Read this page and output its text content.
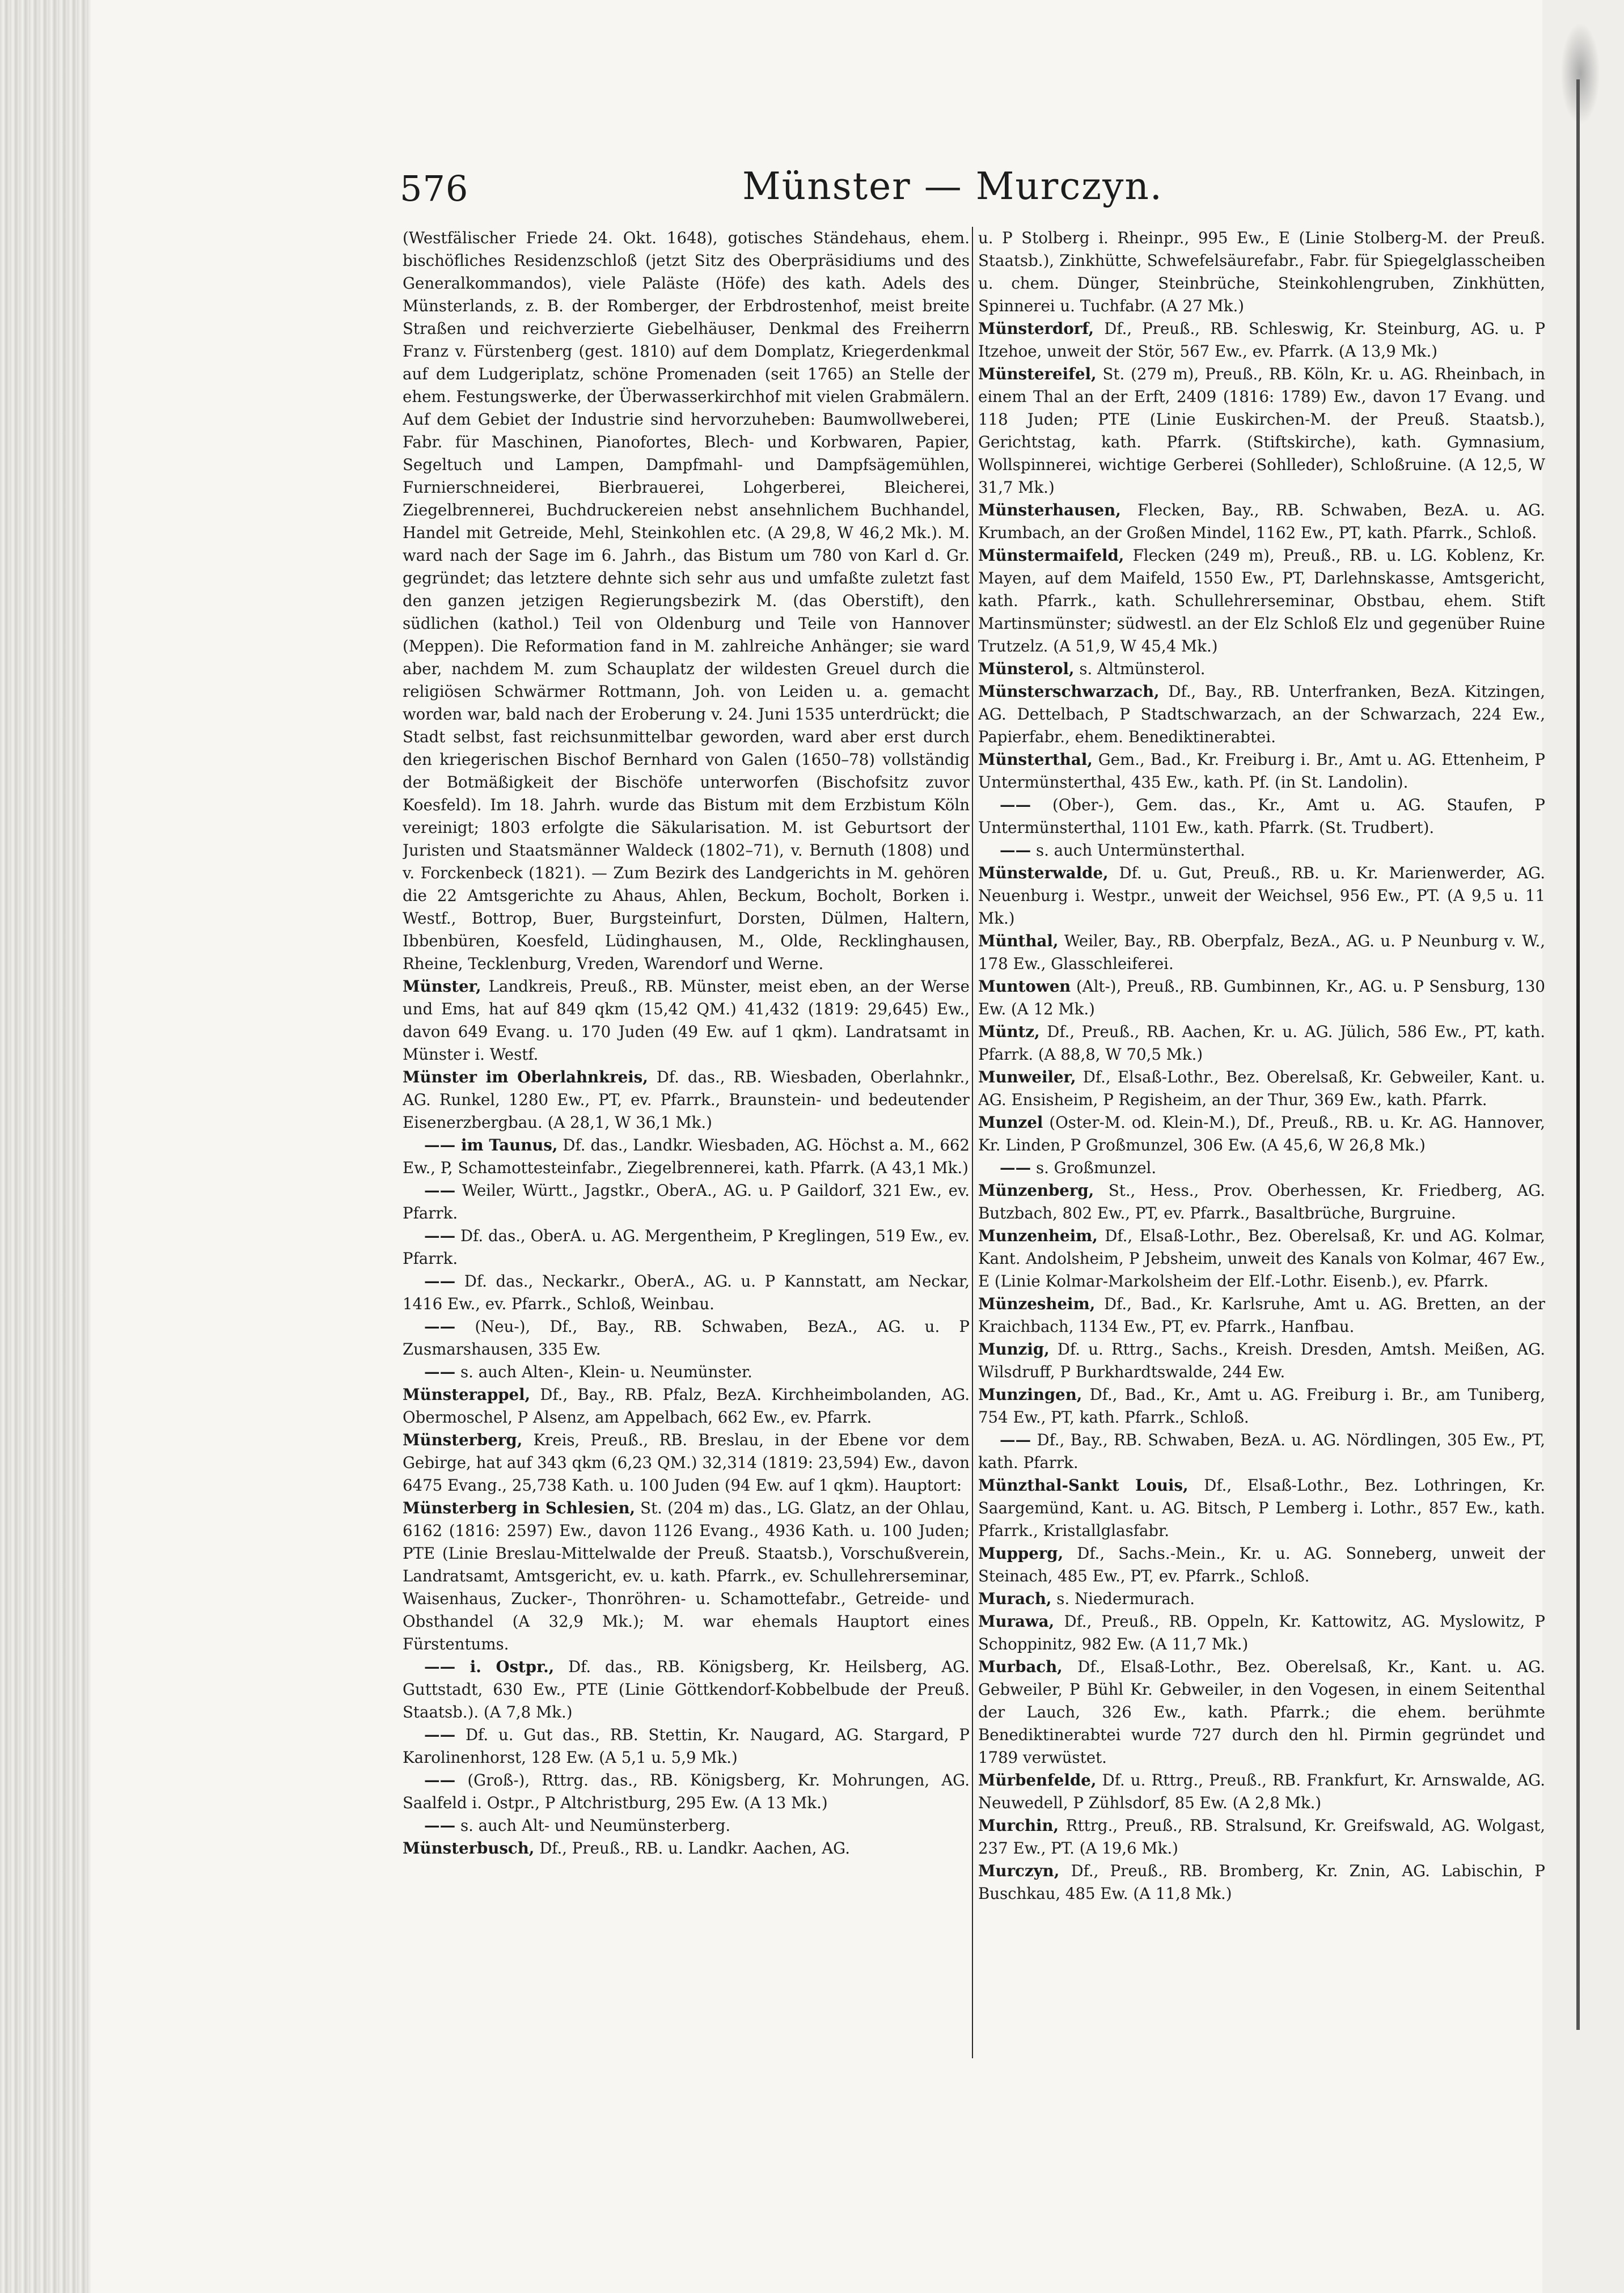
576	Münster — Murczyn.

(Westfälischer Friede 24. Okt. 1648), gotisches Ständehaus, ehem. bischöfliches Residenzschloß (jetzt Sitz des Oberpräsidiums und des Generalkommandos), viele Paläste (Höfe) des kath. Adels des Münsterlands, z. B. der Romberger, der Erbdrostenhof, meist breite Straßen und reichverzierte Giebelhäuser, Denkmal des Freiherrn Franz v. Fürstenberg (gest. 1810) auf dem Domplatz, Kriegerdenkmal auf dem Ludgeriplatz, schöne Promenaden (seit 1765) an Stelle der ehem. Festungswerke, der Überwasserkirchhof mit vielen Grabmälern. Auf dem Gebiet der Industrie sind hervorzuheben: Baumwollweberei, Fabr. für Maschinen, Pianofortes, Blech- und Korbwaren, Papier, Segeltuch und Lampen, Dampfmahl- und Dampfsägemühlen, Furnierschneiderei, Bierbrauerei, Lohgerberei, Bleicherei, Ziegelbrennerei, Buchdruckereien nebst ansehnlichem Buchhandel, Handel mit Getreide, Mehl, Steinkohlen etc. (A 29,8, W 46,2 Mk.). M. ward nach der Sage im 6. Jahrh., das Bistum um 780 von Karl d. Gr. gegründet; das letztere dehnte sich sehr aus und umfaßte zuletzt fast den ganzen jetzigen Regierungsbezirk M. (das Oberstift), den südlichen (kathol.) Teil von Oldenburg und Teile von Hannover (Meppen). Die Reformation fand in M. zahlreiche Anhänger; sie ward aber, nachdem M. zum Schauplatz der wildesten Greuel durch die religiösen Schwärmer Rottmann, Joh. von Leiden u. a. gemacht worden war, bald nach der Eroberung v. 24. Juni 1535 unterdrückt; die Stadt selbst, fast reichsunmittelbar geworden, ward aber erst durch den kriegerischen Bischof Bernhard von Galen (1650–78) vollständig der Botmäßigkeit der Bischöfe unterworfen (Bischofsitz zuvor Koesfeld). Im 18. Jahrh. wurde das Bistum mit dem Erzbistum Köln vereinigt; 1803 erfolgte die Säkularisation. M. ist Geburtsort der Juristen und Staatsmänner Waldeck (1802–71), v. Bernuth (1808) und v. Forckenbeck (1821). — Zum Bezirk des Landgerichts in M. gehören die 22 Amtsgerichte zu Ahaus, Ahlen, Beckum, Bocholt, Borken i. Westf., Bottrop, Buer, Burgsteinfurt, Dorsten, Dülmen, Haltern, Ibbenbüren, Koesfeld, Lüdinghausen, M., Olde, Recklinghausen, Rheine, Tecklenburg, Vreden, Warendorf und Werne.

Münster, Landkreis, Preuß., RB. Münster, meist eben, an der Werse und Ems, hat auf 849 qkm (15,42 QM.) 41,432 (1819: 29,645) Ew., davon 649 Evang. u. 170 Juden (49 Ew. auf 1 qkm). Landratsamt in Münster i. Westf.

Münster im Oberlahnkreis, Df. das., RB. Wiesbaden, Oberlahnkr., AG. Runkel, 1280 Ew., PT, ev. Pfarrk., Braunstein- und bedeutender Eisenerzbergbau. (A 28,1, W 36,1 Mk.)

—— im Taunus, Df. das., Landkr. Wiesbaden, AG. Höchst a. M., 662 Ew., P, Schamottesteinfabr., Ziegelbrennerei, kath. Pfarrk. (A 43,1 Mk.)

—— Weiler, Württ., Jagstkr., OberA., AG. u. P Gaildorf, 321 Ew., ev. Pfarrk.

—— Df. das., OberA. u. AG. Mergentheim, P Kreglingen, 519 Ew., ev. Pfarrk.

—— Df. das., Neckarkr., OberA., AG. u. P Kannstatt, am Neckar, 1416 Ew., ev. Pfarrk., Schloß, Weinbau.

—— (Neu-), Df., Bay., RB. Schwaben, BezA., AG. u. P Zusmarshausen, 335 Ew.

—— s. auch Alten-, Klein- u. Neumünster.

Münsterappel, Df., Bay., RB. Pfalz, BezA. Kirchheimbolanden, AG. Obermoschel, P Alsenz, am Appelbach, 662 Ew., ev. Pfarrk.

Münsterberg, Kreis, Preuß., RB. Breslau, in der Ebene vor dem Gebirge, hat auf 343 qkm (6,23 QM.) 32,314 (1819: 23,594) Ew., davon 6475 Evang., 25,738 Kath. u. 100 Juden (94 Ew. auf 1 qkm). Hauptort:

Münsterberg in Schlesien, St. (204 m) das., LG. Glatz, an der Ohlau, 6162 (1816: 2597) Ew., davon 1126 Evang., 4936 Kath. u. 100 Juden; PTE (Linie Breslau-Mittelwalde der Preuß. Staatsb.), Vorschußverein, Landratsamt, Amtsgericht, ev. u. kath. Pfarrk., ev. Schullehrerseminar, Waisenhaus, Zucker-, Thonröhren- u. Schamottefabr., Getreide- und Obsthandel (A 32,9 Mk.); M. war ehemals Hauptort eines Fürstentums.

—— i. Ostpr., Df. das., RB. Königsberg, Kr. Heilsberg, AG. Guttstadt, 630 Ew., PTE (Linie Göttkendorf-Kobbelbude der Preuß. Staatsb.). (A 7,8 Mk.)

—— Df. u. Gut das., RB. Stettin, Kr. Naugard, AG. Stargard, P Karolinenhorst, 128 Ew. (A 5,1 u. 5,9 Mk.)

—— (Groß-), Rttrg. das., RB. Königsberg, Kr. Mohrungen, AG. Saalfeld i. Ostpr., P Altchristburg, 295 Ew. (A 13 Mk.)

—— s. auch Alt- und Neumünsterberg.

Münsterbusch, Df., Preuß., RB. u. Landkr. Aachen, AG.

u. P Stolberg i. Rheinpr., 995 Ew., E (Linie Stolberg-M. der Preuß. Staatsb.), Zinkhütte, Schwefelsäurefabr., Fabr. für Spiegelglasscheiben u. chem. Dünger, Steinbrüche, Steinkohlengruben, Zinkhütten, Spinnerei u. Tuchfabr. (A 27 Mk.)

Münsterdorf, Df., Preuß., RB. Schleswig, Kr. Steinburg, AG. u. P Itzehoe, unweit der Stör, 567 Ew., ev. Pfarrk. (A 13,9 Mk.)

Münstereifel, St. (279 m), Preuß., RB. Köln, Kr. u. AG. Rheinbach, in einem Thal an der Erft, 2409 (1816: 1789) Ew., davon 17 Evang. und 118 Juden; PTE (Linie Euskirchen-M. der Preuß. Staatsb.), Gerichtstag, kath. Pfarrk. (Stiftskirche), kath. Gymnasium, Wollspinnerei, wichtige Gerberei (Sohlleder), Schloßruine. (A 12,5, W 31,7 Mk.)

Münsterhausen, Flecken, Bay., RB. Schwaben, BezA. u. AG. Krumbach, an der Großen Mindel, 1162 Ew., PT, kath. Pfarrk., Schloß.

Münstermaifeld, Flecken (249 m), Preuß., RB. u. LG. Koblenz, Kr. Mayen, auf dem Maifeld, 1550 Ew., PT, Darlehnskasse, Amtsgericht, kath. Pfarrk., kath. Schullehrerseminar, Obstbau, ehem. Stift Martinsmünster; südwestl. an der Elz Schloß Elz und gegenüber Ruine Trutzelz. (A 51,9, W 45,4 Mk.)

Münsterol, s. Altmünsterol.

Münsterschwarzach, Df., Bay., RB. Unterfranken, BezA. Kitzingen, AG. Dettelbach, P Stadtschwarzach, an der Schwarzach, 224 Ew., Papierfabr., ehem. Benediktinerabtei.

Münsterthal, Gem., Bad., Kr. Freiburg i. Br., Amt u. AG. Ettenheim, P Untermünsterthal, 435 Ew., kath. Pf. (in St. Landolin).

—— (Ober-), Gem. das., Kr., Amt u. AG. Staufen, P Untermünsterthal, 1101 Ew., kath. Pfarrk. (St. Trudbert).

—— s. auch Untermünsterthal.

Münsterwalde, Df. u. Gut, Preuß., RB. u. Kr. Marienwerder, AG. Neuenburg i. Westpr., unweit der Weichsel, 956 Ew., PT. (A 9,5 u. 11 Mk.)

Münthal, Weiler, Bay., RB. Oberpfalz, BezA., AG. u. P Neunburg v. W., 178 Ew., Glasschleiferei.

Muntowen (Alt-), Preuß., RB. Gumbinnen, Kr., AG. u. P Sensburg, 130 Ew. (A 12 Mk.)

Müntz, Df., Preuß., RB. Aachen, Kr. u. AG. Jülich, 586 Ew., PT, kath. Pfarrk. (A 88,8, W 70,5 Mk.)

Munweiler, Df., Elsaß-Lothr., Bez. Oberelsaß, Kr. Gebweiler, Kant. u. AG. Ensisheim, P Regisheim, an der Thur, 369 Ew., kath. Pfarrk.

Munzel (Oster-M. od. Klein-M.), Df., Preuß., RB. u. Kr. AG. Hannover, Kr. Linden, P Großmunzel, 306 Ew. (A 45,6, W 26,8 Mk.)

—— s. Großmunzel.

Münzenberg, St., Hess., Prov. Oberhessen, Kr. Friedberg, AG. Butzbach, 802 Ew., PT, ev. Pfarrk., Basaltbrüche, Burgruine.

Munzenheim, Df., Elsaß-Lothr., Bez. Oberelsaß, Kr. und AG. Kolmar, Kant. Andolsheim, P Jebsheim, unweit des Kanals von Kolmar, 467 Ew., E (Linie Kolmar-Markolsheim der Elf.-Lothr. Eisenb.), ev. Pfarrk.

Münzesheim, Df., Bad., Kr. Karlsruhe, Amt u. AG. Bretten, an der Kraichbach, 1134 Ew., PT, ev. Pfarrk., Hanfbau.

Munzig, Df. u. Rttrg., Sachs., Kreish. Dresden, Amtsh. Meißen, AG. Wilsdruff, P Burkhardtswalde, 244 Ew.

Munzingen, Df., Bad., Kr., Amt u. AG. Freiburg i. Br., am Tuniberg, 754 Ew., PT, kath. Pfarrk., Schloß.

—— Df., Bay., RB. Schwaben, BezA. u. AG. Nördlingen, 305 Ew., PT, kath. Pfarrk.

Münzthal-Sankt Louis, Df., Elsaß-Lothr., Bez. Lothringen, Kr. Saargemünd, Kant. u. AG. Bitsch, P Lemberg i. Lothr., 857 Ew., kath. Pfarrk., Kristallglasfabr.

Mupperg, Df., Sachs.-Mein., Kr. u. AG. Sonneberg, unweit der Steinach, 485 Ew., PT, ev. Pfarrk., Schloß.

Murach, s. Niedermurach.

Murawa, Df., Preuß., RB. Oppeln, Kr. Kattowitz, AG. Myslowitz, P Schoppinitz, 982 Ew. (A 11,7 Mk.)

Murbach, Df., Elsaß-Lothr., Bez. Oberelsaß, Kr., Kant. u. AG. Gebweiler, P Bühl Kr. Gebweiler, in den Vogesen, in einem Seitenthal der Lauch, 326 Ew., kath. Pfarrk.; die ehem. berühmte Benediktinerabtei wurde 727 durch den hl. Pirmin gegründet und 1789 verwüstet.

Mürbenfelde, Df. u. Rttrg., Preuß., RB. Frankfurt, Kr. Arnswalde, AG. Neuwedell, P Zühlsdorf, 85 Ew. (A 2,8 Mk.)

Murchin, Rttrg., Preuß., RB. Stralsund, Kr. Greifswald, AG. Wolgast, 237 Ew., PT. (A 19,6 Mk.)

Murczyn, Df., Preuß., RB. Bromberg, Kr. Znin, AG. Labischin, P Buschkau, 485 Ew. (A 11,8 Mk.)
